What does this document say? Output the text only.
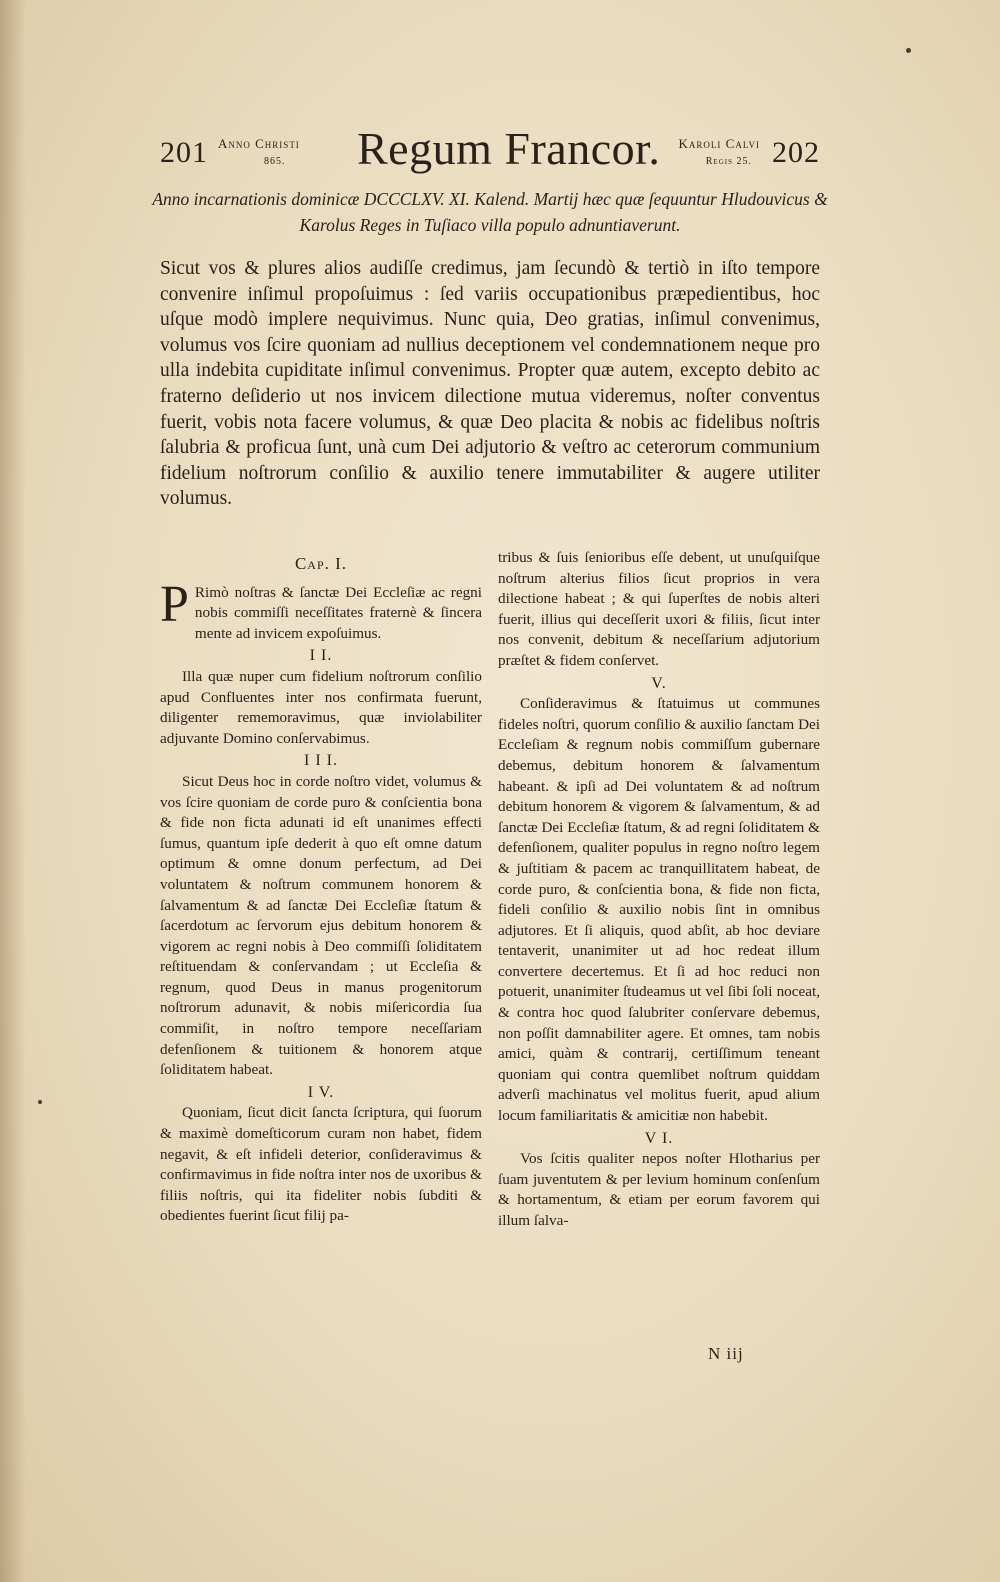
201 Anno Christi
865. Regum Francor. Karoli Calvi
Regis 25. 202
Anno incarnationis dominicæ DCCCLXV. XI. Kalend. Martij hæc quæ ſequuntur Hludouvicus & Karolus Reges in Tuſiaco villa populo adnuntiaverunt.
Sicut vos & plures alios audiſſe credimus, jam ſecundò & tertiò in iſto tempore convenire inſimul propoſuimus : ſed variis occupationibus præpedientibus, hoc uſque modò implere nequivimus. Nunc quia, Deo gratias, inſimul convenimus, volumus vos ſcire quoniam ad nullius deceptionem vel condemnationem neque pro ulla indebita cupiditate inſimul convenimus. Propter quæ autem, excepto debito ac fraterno deſiderio ut nos invicem dilectione mutua videremus, noſter conventus fuerit, vobis nota facere volumus, & quæ Deo placita & nobis ac fidelibus noſtris ſalubria & proficua ſunt, unà cum Dei adjutorio & veſtro ac ceterorum communium fidelium noſtrorum conſilio & auxilio tenere immutabiliter & augere utiliter volumus.
Cap. I.

P Rimò noſtras & ſanctæ Dei Eccleſiæ ac regni nobis commiſſi neceſſitates fraternè & ſincera mente ad invicem expoſuimus.

I I.

Illa quæ nuper cum fidelium noſtrorum conſilio apud Confluentes inter nos confirmata fuerunt, diligenter rememoravimus, quæ inviolabiliter adjuvante Domino conſervabimus.

I I I.

Sicut Deus hoc in corde noſtro videt, volumus & vos ſcire quoniam de corde puro & conſcientia bona & fide non ficta adunati id eſt unanimes effecti ſumus, quantum ipſe dederit à quo eſt omne datum optimum & omne donum perfectum, ad Dei voluntatem & noſtrum communem honorem & ſalvamentum & ad ſanctæ Dei Eccleſiæ ſtatum & ſacerdotum ac ſervorum ejus debitum honorem & vigorem ac regni nobis à Deo commiſſi ſoliditatem reſtituendam & conſervandam ; ut Eccleſia & regnum, quod Deus in manus progenitorum noſtrorum adunavit, & nobis miſericordia ſua commiſit, in noſtro tempore neceſſariam defenſionem & tuitionem & honorem atque ſoliditatem habeat.

I V.

Quoniam, ſicut dicit ſancta ſcriptura, qui ſuorum & maximè domeſticorum curam non habet, fidem negavit, & eſt infideli deterior, conſideravimus & confirmavimus in fide noſtra inter nos de uxoribus & filiis noſtris, qui ita fideliter nobis ſubditi & obedientes fuerint ſicut filij pa-

tribus & ſuis ſenioribus eſſe debent, ut unuſquiſque noſtrum alterius filios ſicut proprios in vera dilectione habeat ; & qui ſuperſtes de nobis alteri fuerit, illius qui deceſſerit uxori & filiis, ſicut inter nos convenit, debitum & neceſſarium adjutorium præſtet & fidem conſervet.

V.

Conſideravimus & ſtatuimus ut communes fideles noſtri, quorum conſilio & auxilio ſanctam Dei Eccleſiam & regnum nobis commiſſum gubernare debemus, debitum honorem & ſalvamentum habeant. & ipſi ad Dei voluntatem & ad noſtrum debitum honorem & vigorem & ſalvamentum, & ad ſanctæ Dei Eccleſiæ ſtatum, & ad regni ſoliditatem & defenſionem, qualiter populus in regno noſtro legem & juſtitiam & pacem ac tranquillitatem habeat, de corde puro, & conſcientia bona, & fide non ficta, fideli conſilio & auxilio nobis ſint in omnibus adjutores. Et ſi aliquis, quod abſit, ab hoc deviare tentaverit, unanimiter ut ad hoc redeat illum convertere decertemus. Et ſi ad hoc reduci non potuerit, unanimiter ſtudeamus ut vel ſibi ſoli noceat, & contra hoc quod ſalubriter conſervare debemus, non poſſit damnabiliter agere. Et omnes, tam nobis amici, quàm & contrarij, certiſſimum teneant quoniam qui contra quemlibet noſtrum quiddam adverſi machinatus vel molitus fuerit, apud alium locum familiaritatis & amicitiæ non habebit.

V I.

Vos ſcitis qualiter nepos noſter Hlotharius per ſuam juventutem & per levium hominum conſenſum & hortamentum, & etiam per eorum favorem qui illum ſalva-

N iij
